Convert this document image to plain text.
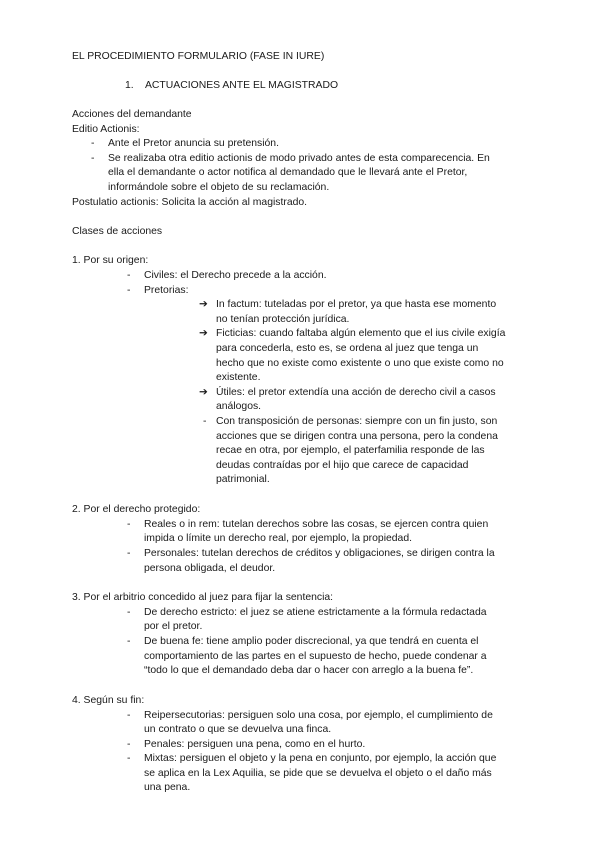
EL PROCEDIMIENTO FORMULARIO (FASE IN IURE)
1. ACTUACIONES ANTE EL MAGISTRADO
Acciones del demandante
Editio Actionis:
- Ante el Pretor anuncia su pretensión.
- Se realizaba otra editio actionis de modo privado antes de esta comparecencia. En
ella el demandante o actor notifica al demandado que le llevará ante el Pretor,
informándole sobre el objeto de su reclamación.
Postulatio actionis: Solicita la acción al magistrado.
Clases de acciones
1. Por su origen:
- Civiles: el Derecho precede a la acción.
- Pretorias:
➔ In factum: tuteladas por el pretor, ya que hasta ese momento
no tenían protección jurídica.
➔ Ficticias: cuando faltaba algún elemento que el ius civile exigía
para concederla, esto es, se ordena al juez que tenga un
hecho que no existe como existente o uno que existe como no
existente.
➔ Útiles: el pretor extendía una acción de derecho civil a casos
análogos.
- Con transposición de personas: siempre con un fin justo, son
acciones que se dirigen contra una persona, pero la condena
recae en otra, por ejemplo, el paterfamilia responde de las
deudas contraídas por el hijo que carece de capacidad
patrimonial.
2. Por el derecho protegido:
- Reales o in rem: tutelan derechos sobre las cosas, se ejercen contra quien
impida o límite un derecho real, por ejemplo, la propiedad.
- Personales: tutelan derechos de créditos y obligaciones, se dirigen contra la
persona obligada, el deudor.
3. Por el arbitrio concedido al juez para fijar la sentencia:
- De derecho estricto: el juez se atiene estrictamente a la fórmula redactada
por el pretor.
- De buena fe: tiene amplio poder discrecional, ya que tendrá en cuenta el
comportamiento de las partes en el supuesto de hecho, puede condenar a
“todo lo que el demandado deba dar o hacer con arreglo a la buena fe”.
4. Según su fin:
- Reipersecutorias: persiguen solo una cosa, por ejemplo, el cumplimiento de
un contrato o que se devuelva una finca.
- Penales: persiguen una pena, como en el hurto.
- Mixtas: persiguen el objeto y la pena en conjunto, por ejemplo, la acción que
se aplica en la Lex Aquilia, se pide que se devuelva el objeto o el daño más
una pena.
